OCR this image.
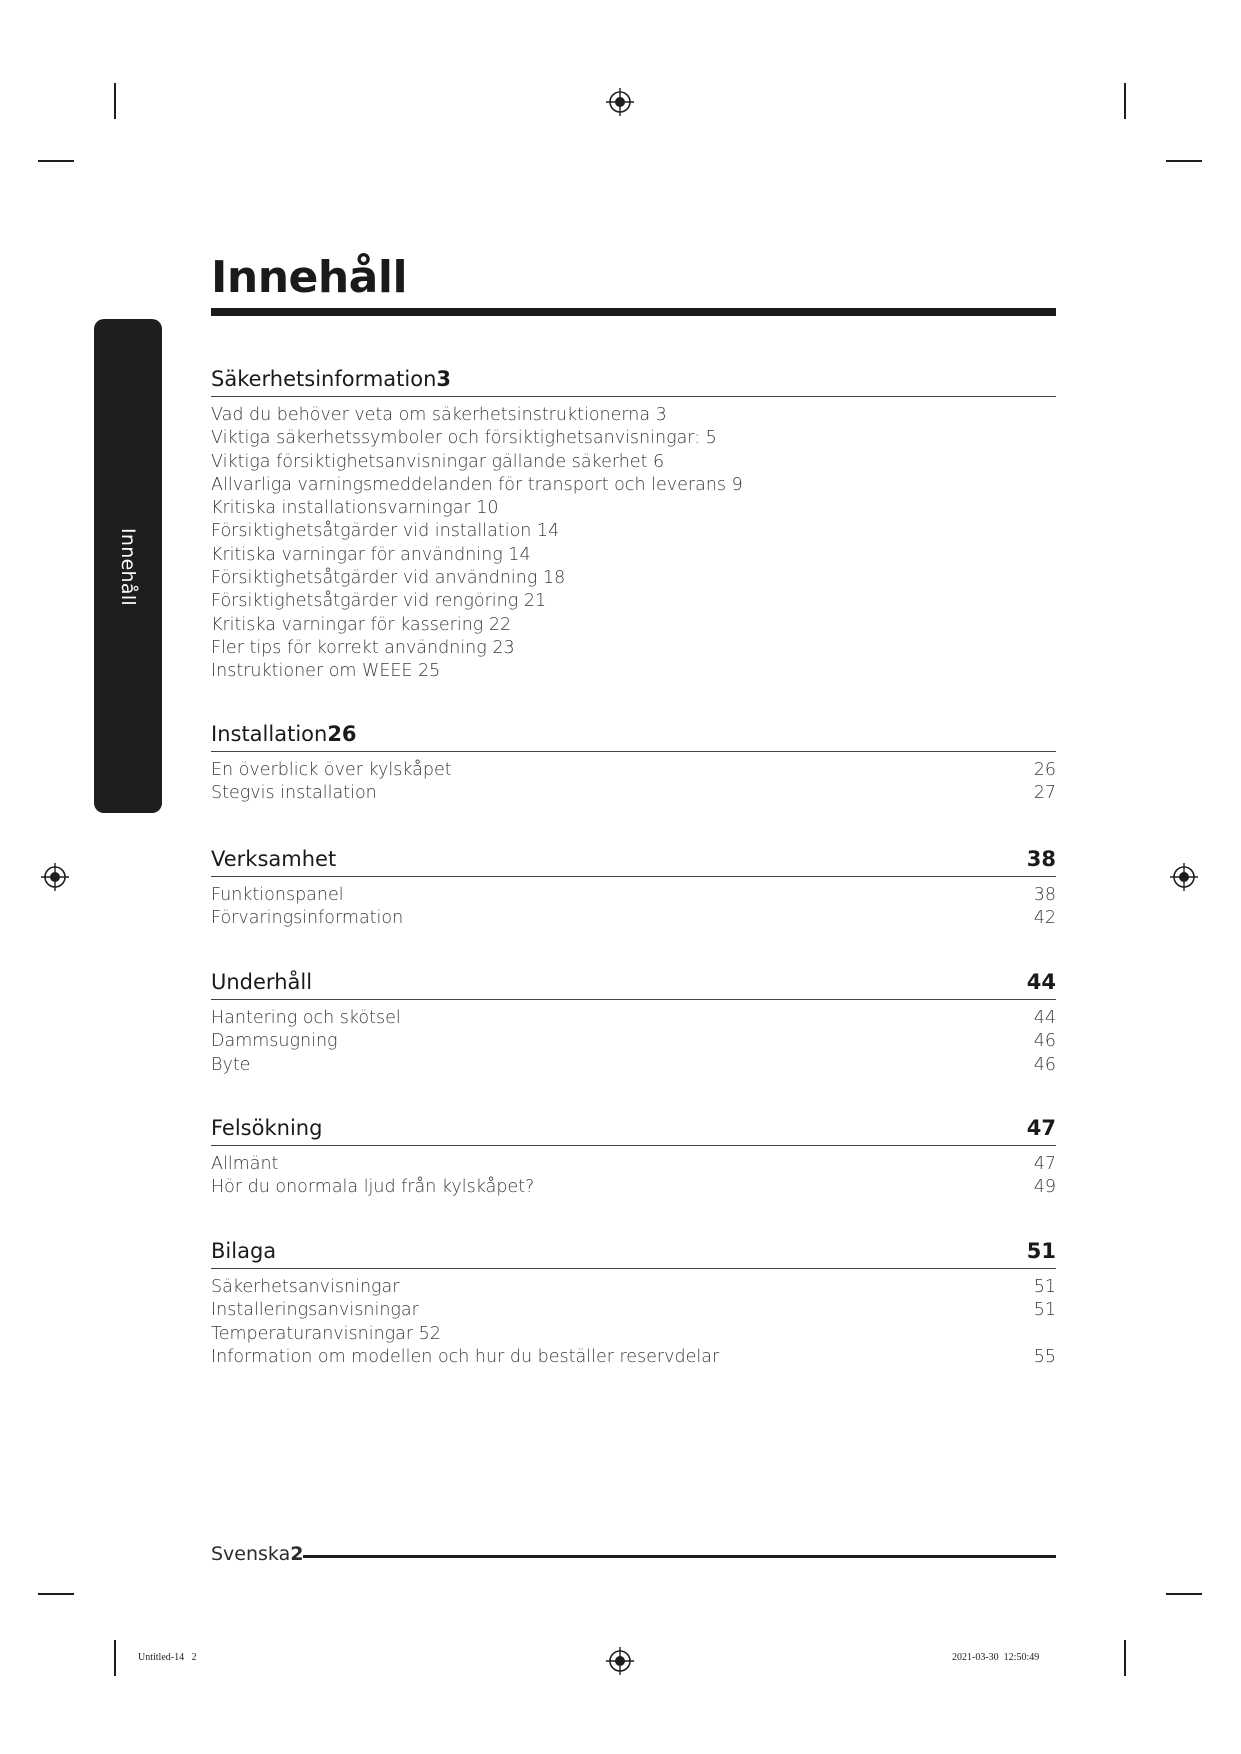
Innehåll
Innehåll
Säkerhetsinformation3
Vad du behöver veta om säkerhetsinstruktionerna 3
Viktiga säkerhetssymboler och försiktighetsanvisningar: 5
Viktiga försiktighetsanvisningar gällande säkerhet 6
Allvarliga varningsmeddelanden för transport och leverans 9
Kritiska installationsvarningar 10
Försiktighetsåtgärder vid installation 14
Kritiska varningar för användning 14
Försiktighetsåtgärder vid användning 18
Försiktighetsåtgärder vid rengöring 21
Kritiska varningar för kassering 22
Fler tips för korrekt användning 23
Instruktioner om WEEE 25
Installation26
En överblick över kylskåpet	26
Stegvis installation	27
Verksamhet	38
Funktionspanel	38
Förvaringsinformation	42
Underhåll	44
Hantering och skötsel	44
Dammsugning	46
Byte	46
Felsökning	47
Allmänt	47
Hör du onormala ljud från kylskåpet?	49
Bilaga	51
Säkerhetsanvisningar	51
Installeringsanvisningar	51
Temperaturanvisningar 52
Information om modellen och hur du beställer reservdelar	55
Svenska2
Untitled-14 2	2021-03-30  12:50:49
